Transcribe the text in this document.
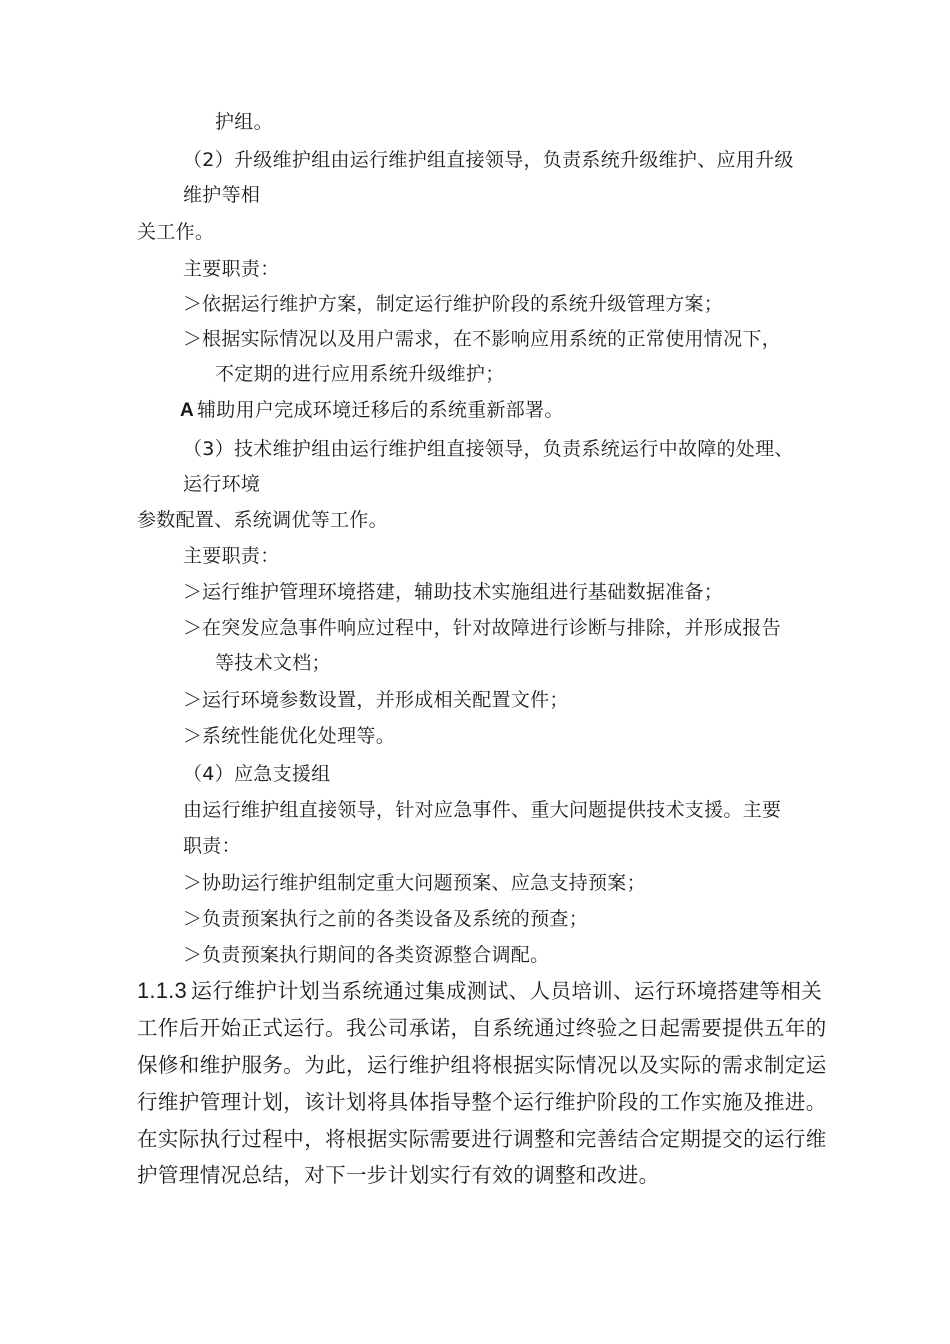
护组。
（2）升级维护组由运行维护组直接领导，负责系统升级维护、应用升级
维护等相
关工作。
主要职责：
＞依据运行维护方案，制定运行维护阶段的系统升级管理方案；
＞根据实际情况以及用户需求，在不影响应用系统的正常使用情况下，
不定期的进行应用系统升级维护；
A 辅助用户完成环境迁移后的系统重新部署。
（3）技术维护组由运行维护组直接领导，负责系统运行中故障的处理、
运行环境
参数配置、系统调优等工作。
主要职责：
＞运行维护管理环境搭建，辅助技术实施组进行基础数据准备；
＞在突发应急事件响应过程中，针对故障进行诊断与排除，并形成报告
等技术文档；
＞运行环境参数设置，并形成相关配置文件；
＞系统性能优化处理等。
（4）应急支援组
由运行维护组直接领导，针对应急事件、重大问题提供技术支援。主要
职责：
＞协助运行维护组制定重大问题预案、应急支持预案；
＞负责预案执行之前的各类设备及系统的预查；
＞负责预案执行期间的各类资源整合调配。
1.1.3 运行维护计划当系统通过集成测试、人员培训、运行环境搭建等相关
工作后开始正式运行。我公司承诺，自系统通过终验之日起需要提供五年的
保修和维护服务。为此，运行维护组将根据实际情况以及实际的需求制定运
行维护管理计划，该计划将具体指导整个运行维护阶段的工作实施及推进。
在实际执行过程中，将根据实际需要进行调整和完善结合定期提交的运行维
护管理情况总结，对下一步计划实行有效的调整和改进。
